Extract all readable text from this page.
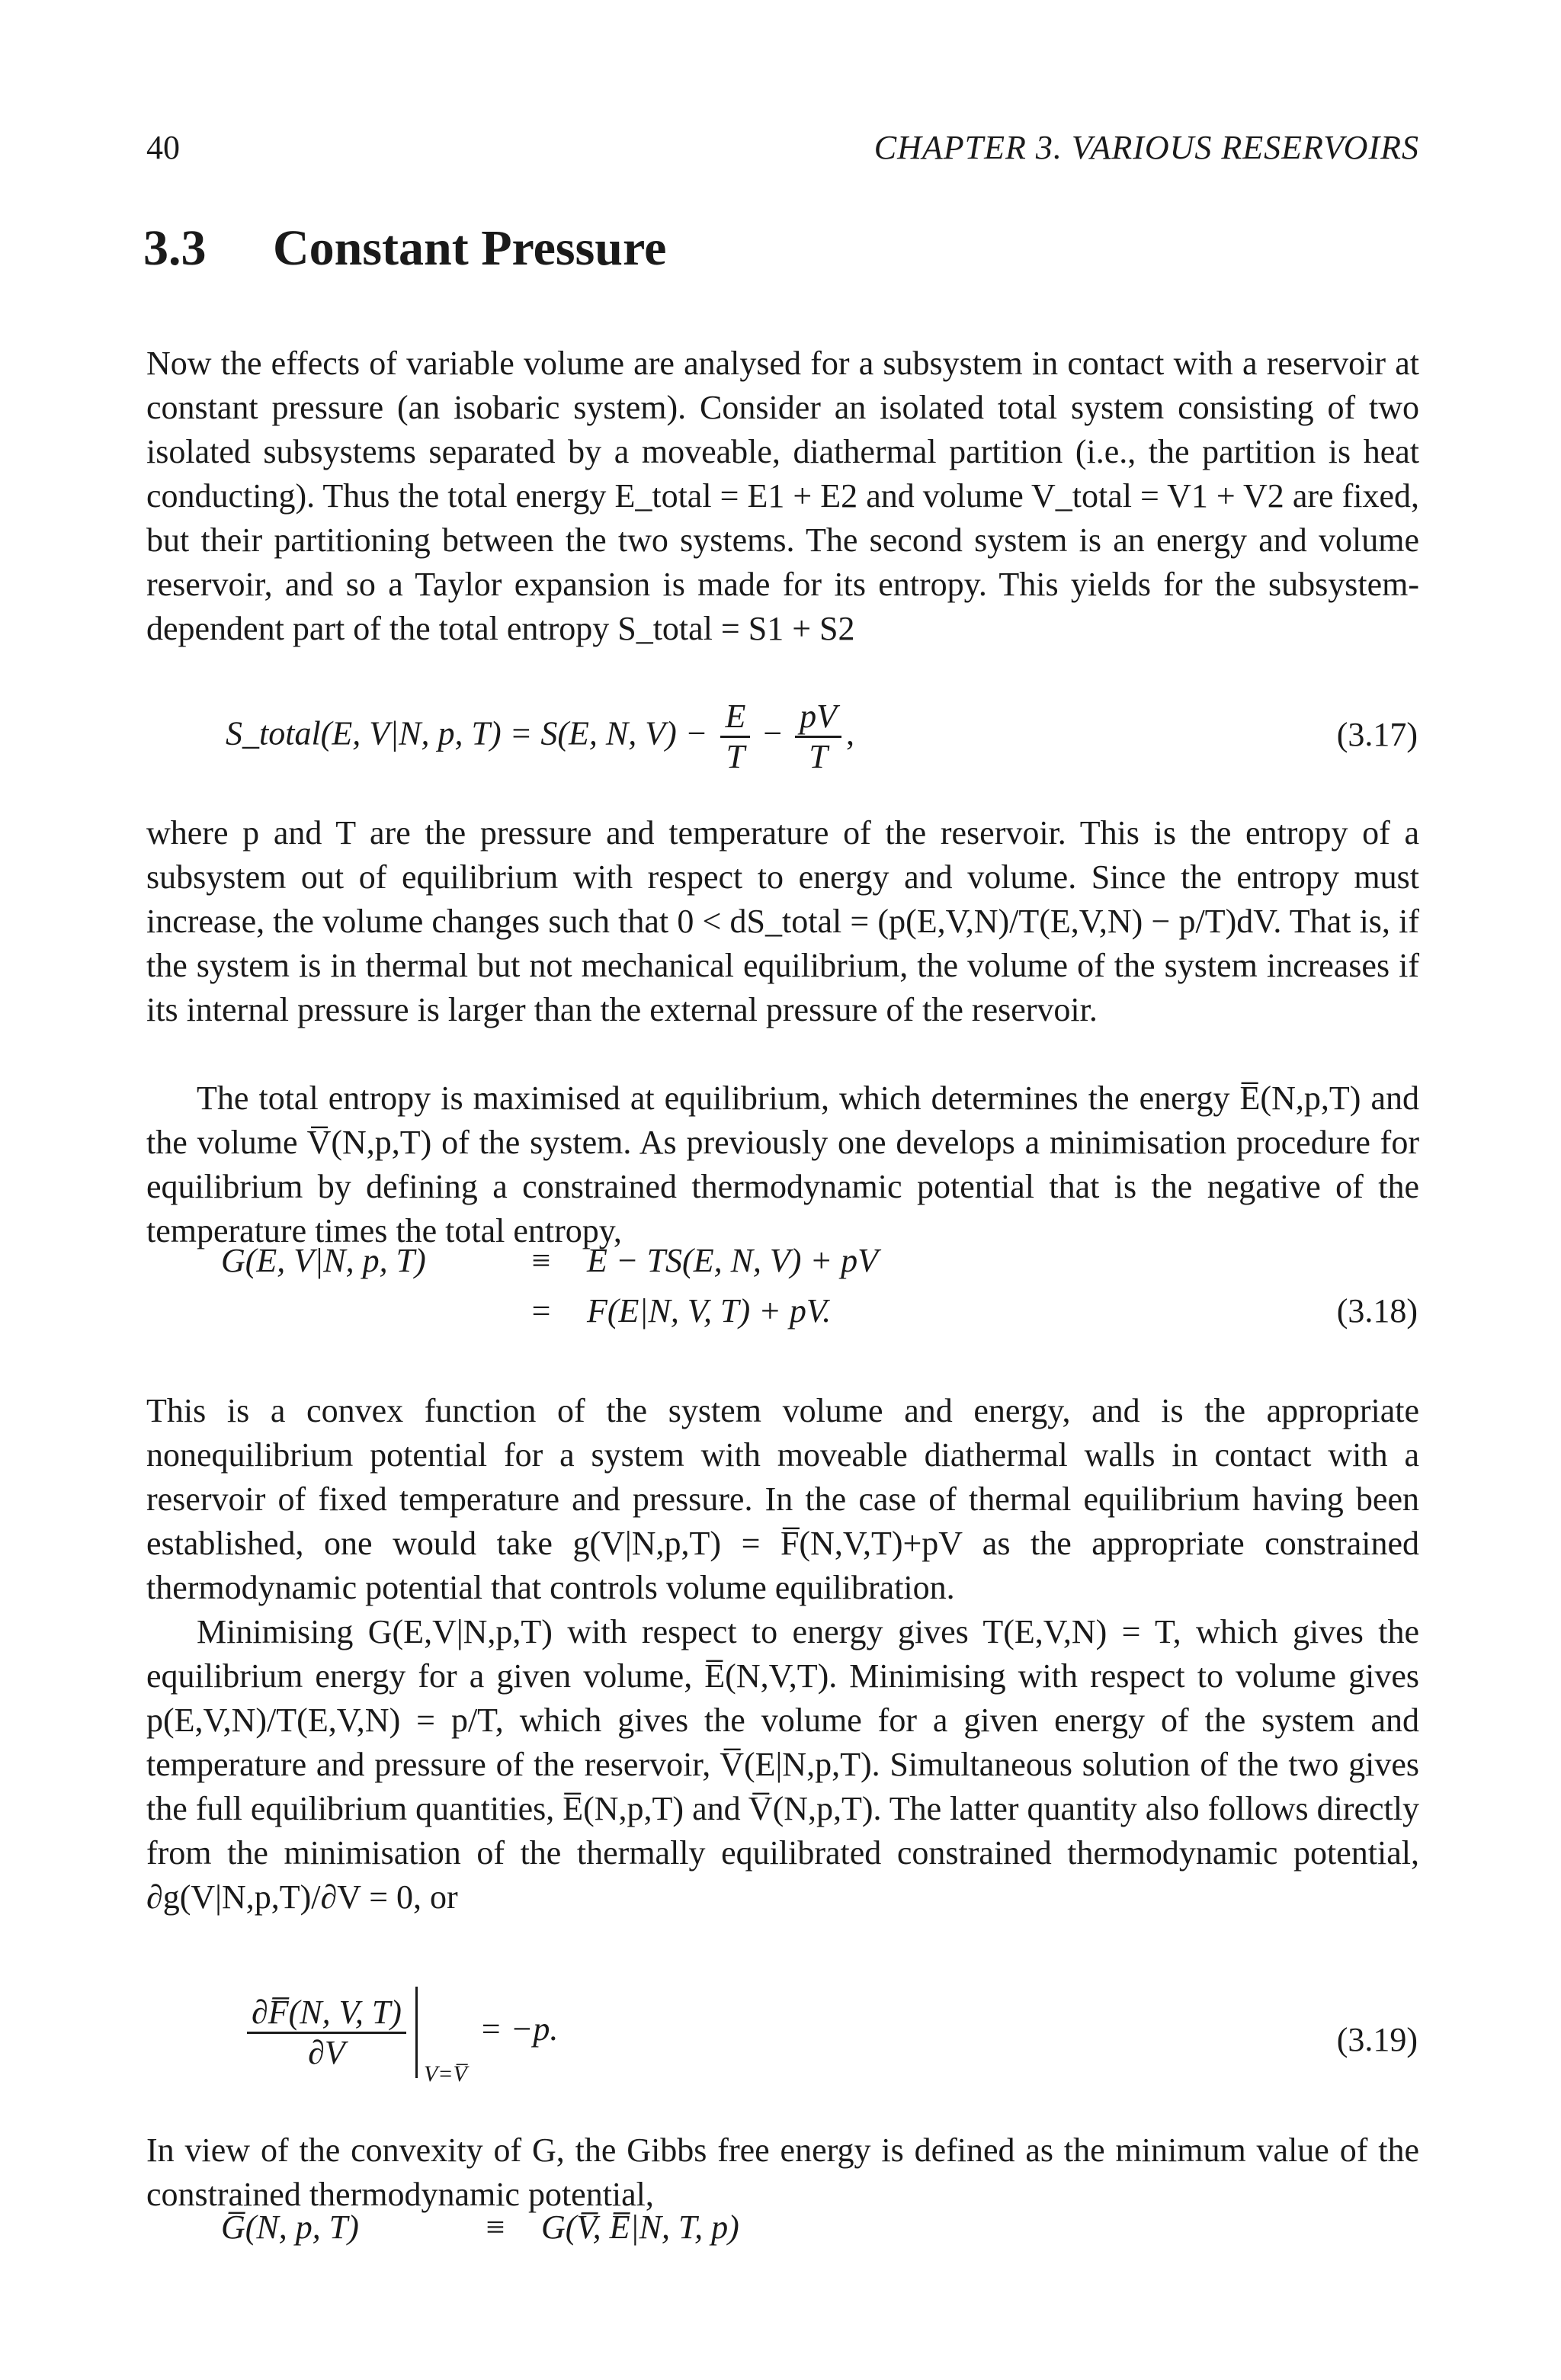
40	CHAPTER 3. VARIOUS RESERVOIRS
3.3 Constant Pressure

Now the effects of variable volume are analysed for a subsystem in contact with a reservoir at constant pressure (an isobaric system). Consider an isolated total system consisting of two isolated subsystems separated by a moveable, diathermal partition (i.e., the partition is heat conducting). Thus the total energy E_total = E1 + E2 and volume V_total = V1 + V2 are fixed, but their partitioning between the two systems. The second system is an energy and volume reservoir, and so a Taylor expansion is made for its entropy. This yields for the subsystem-dependent part of the total entropy S_total = S1 + S2

S_total(E, V|N, p, T) = S(E, N, $V) - \frac{E}{T} - \frac{pV}{T}$ ,	(3.17)

where p and T are the pressure and temperature of the reservoir. This is the entropy of a subsystem out of equilibrium with respect to energy and volume. Since the entropy must increase, the volume changes such that 0 < dS_total = (p(E,V,N)/T(E,V,N) − p/T)dV. That is, if the system is in thermal but not mechanical equilibrium, the volume of the system increases if its internal pressure is larger than the external pressure of the reservoir.

The total entropy is maximised at equilibrium, which determines the energy E̅(N,p,T) and the volume V̅(N,p,T) of the system. As previously one develops a minimisation procedure for equilibrium by defining a constrained thermodynamic potential that is the negative of the temperature times the total entropy,

G(E, V|N, p, T)	≡ E − TS(E, N, V) + pV
= F(E|N, V, T) + pV.	(3.18)

This is a convex function of the system volume and energy, and is the appropriate nonequilibrium potential for a system with moveable diathermal walls in contact with a reservoir of fixed temperature and pressure. In the case of thermal equilibrium having been established, one would take g(V|N,p,T) = F̅(N,V,T)+pV as the appropriate constrained thermodynamic potential that controls volume equilibration.

Minimising G(E,V|N,p,T) with respect to energy gives T(E,V,N) = T, which gives the equilibrium energy for a given volume, E̅(N,V,T). Minimising with respect to volume gives p(E,V,N)/T(E,V,N) = p/T, which gives the volume for a given energy of the system and temperature and pressure of the reservoir, V̅(E|N,p,T). Simultaneous solution of the two gives the full equilibrium quantities, E̅(N,p,T) and V̅(N,p,T). The latter quantity also follows directly from the minimisation of the thermally equilibrated constrained thermodynamic potential, ∂g(V|N,p,T)/∂V = 0, or

$\frac{\partial F̅(N, V, T)}{\partial V}$
V=V̅
= −p.	(3.19)

In view of the convexity of G, the Gibbs free energy is defined as the minimum value of the constrained thermodynamic potential,

G̅(N, p, T)	≡ G(V̅, E̅|N, T, p)
